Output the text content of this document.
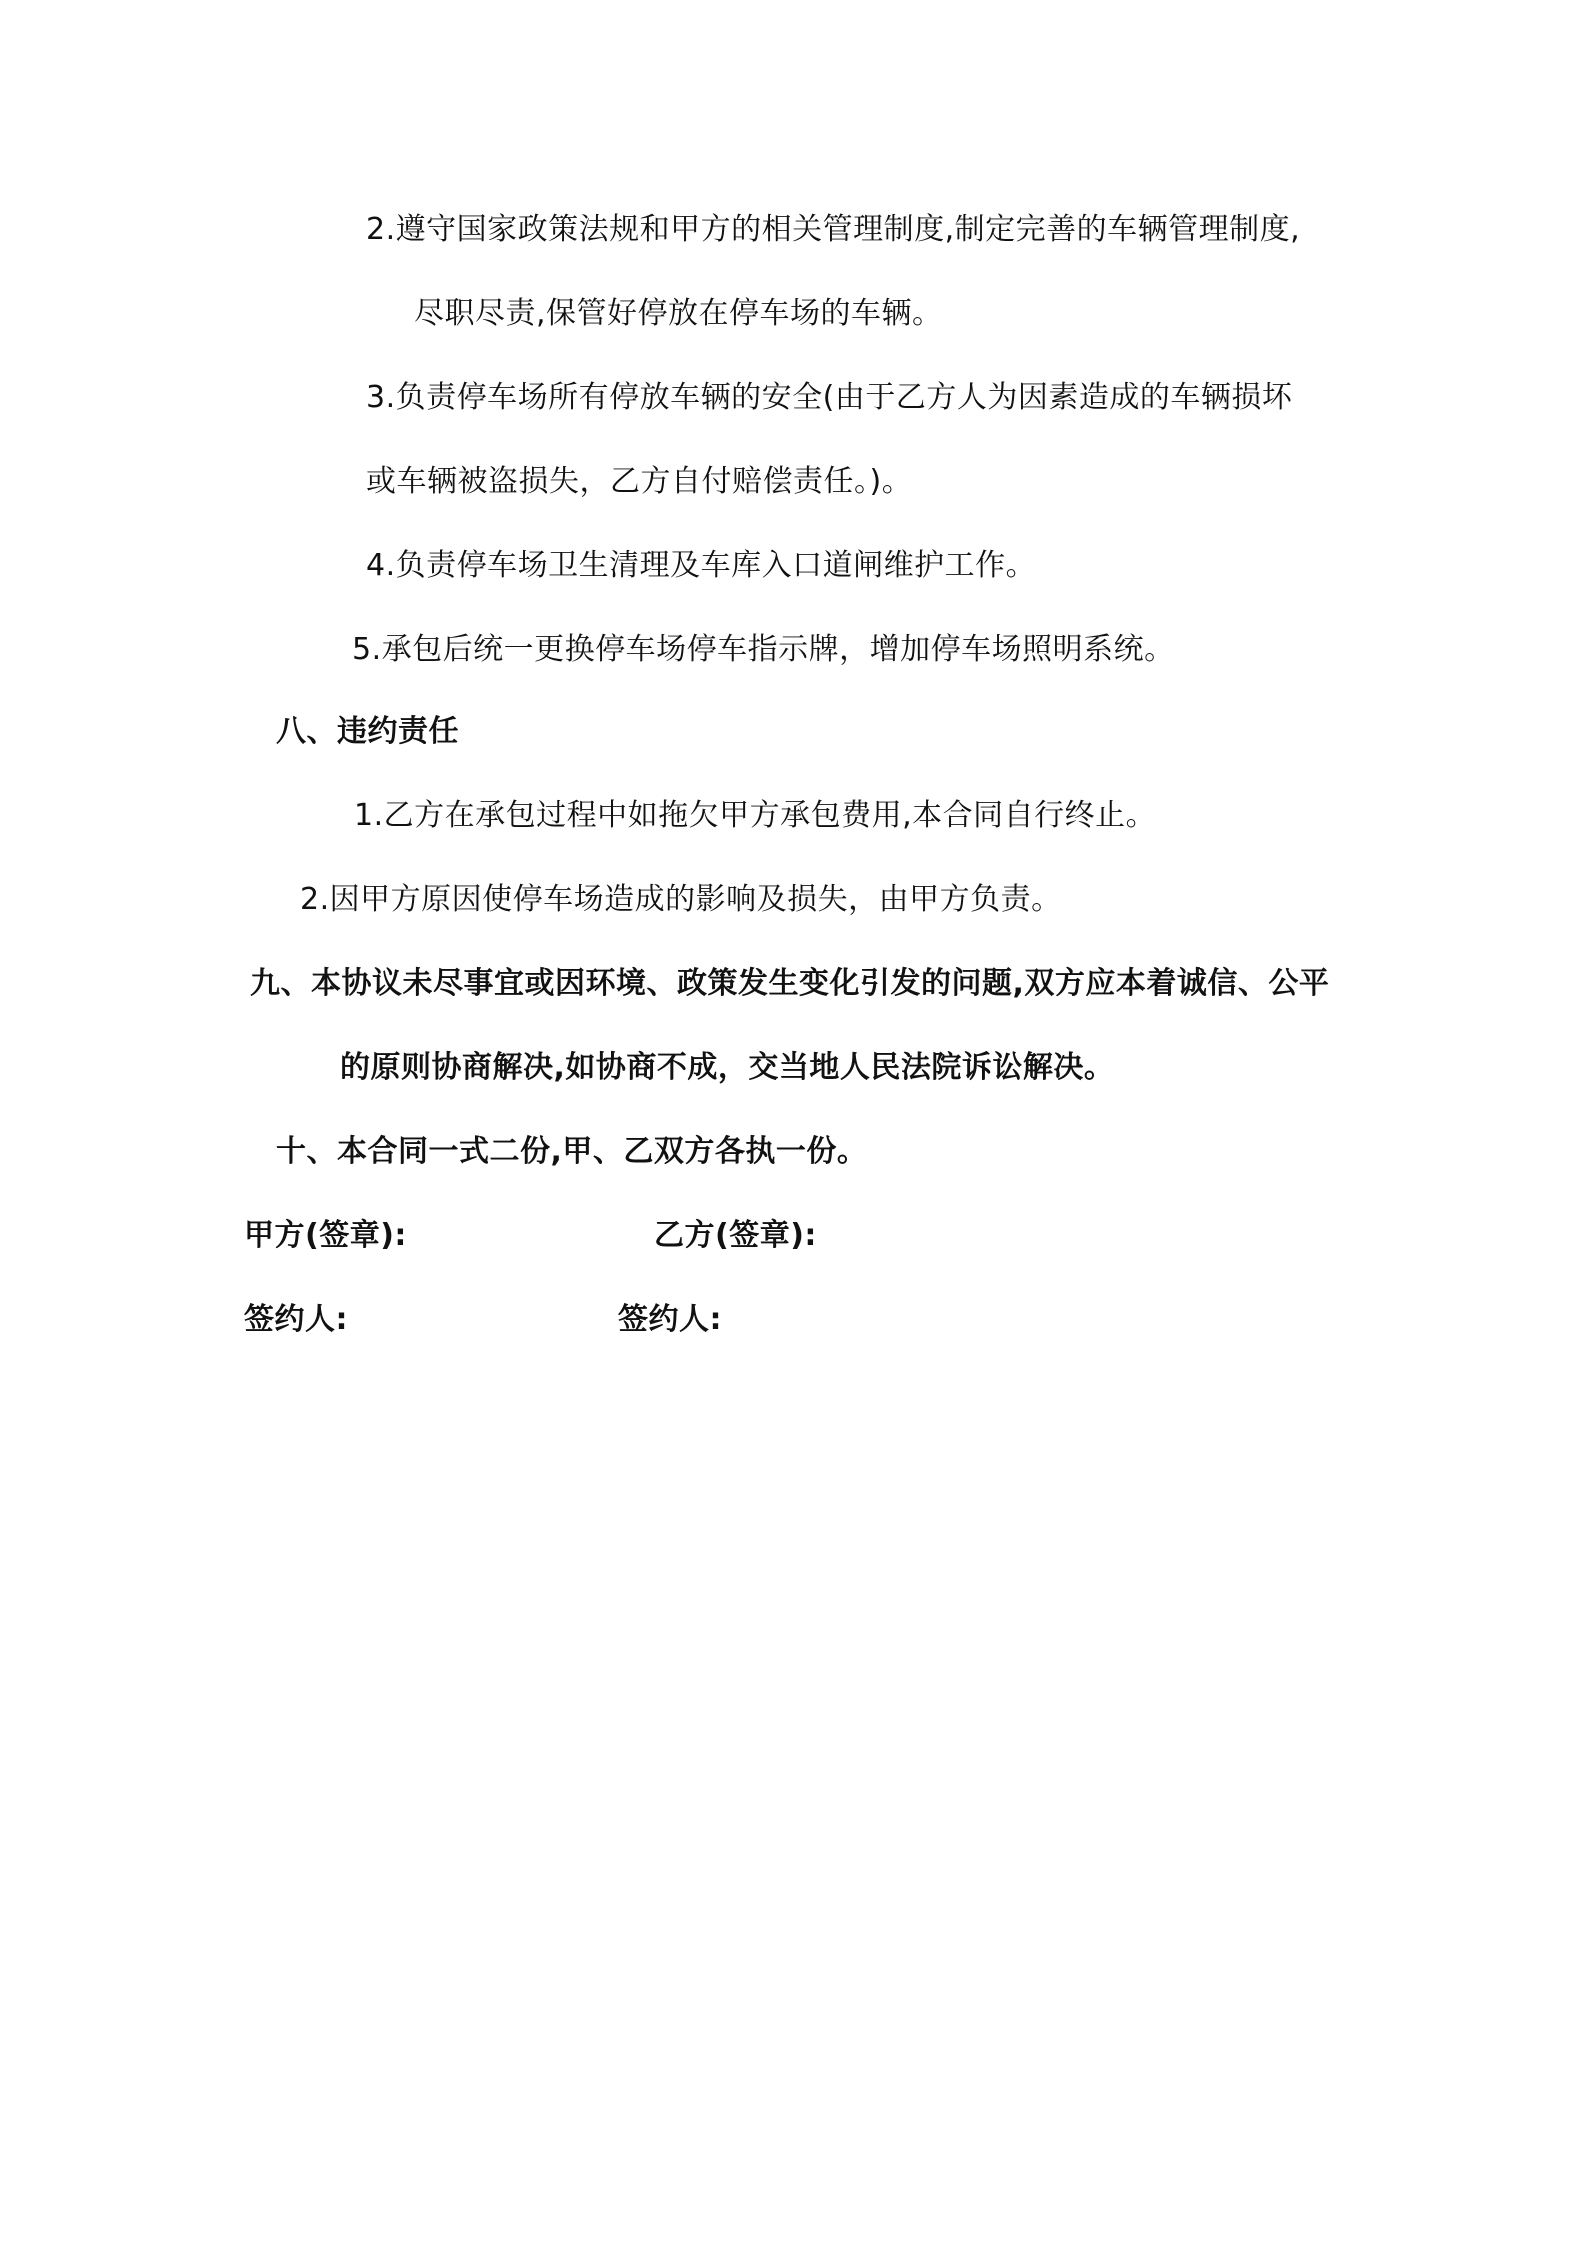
2.遵守国家政策法规和甲方的相关管理制度,制定完善的车辆管理制度,
尽职尽责,保管好停放在停车场的车辆。
3.负责停车场所有停放车辆的安全(由于乙方人为因素造成的车辆损坏
或车辆被盗损失，乙方自付赔偿责任。)。
4.负责停车场卫生清理及车库入口道闸维护工作。
5.承包后统一更换停车场停车指示牌，增加停车场照明系统。
八、违约责任
1.乙方在承包过程中如拖欠甲方承包费用,本合同自行终止。
2.因甲方原因使停车场造成的影响及损失，由甲方负责。
九、本协议未尽事宜或因环境、政策发生变化引发的问题,双方应本着诚信、公平
的原则协商解决,如协商不成，交当地人民法院诉讼解决。
十、本合同一式二份,甲、乙双方各执一份。
甲方(签章):	乙方(签章):
签约人:	签约人:
